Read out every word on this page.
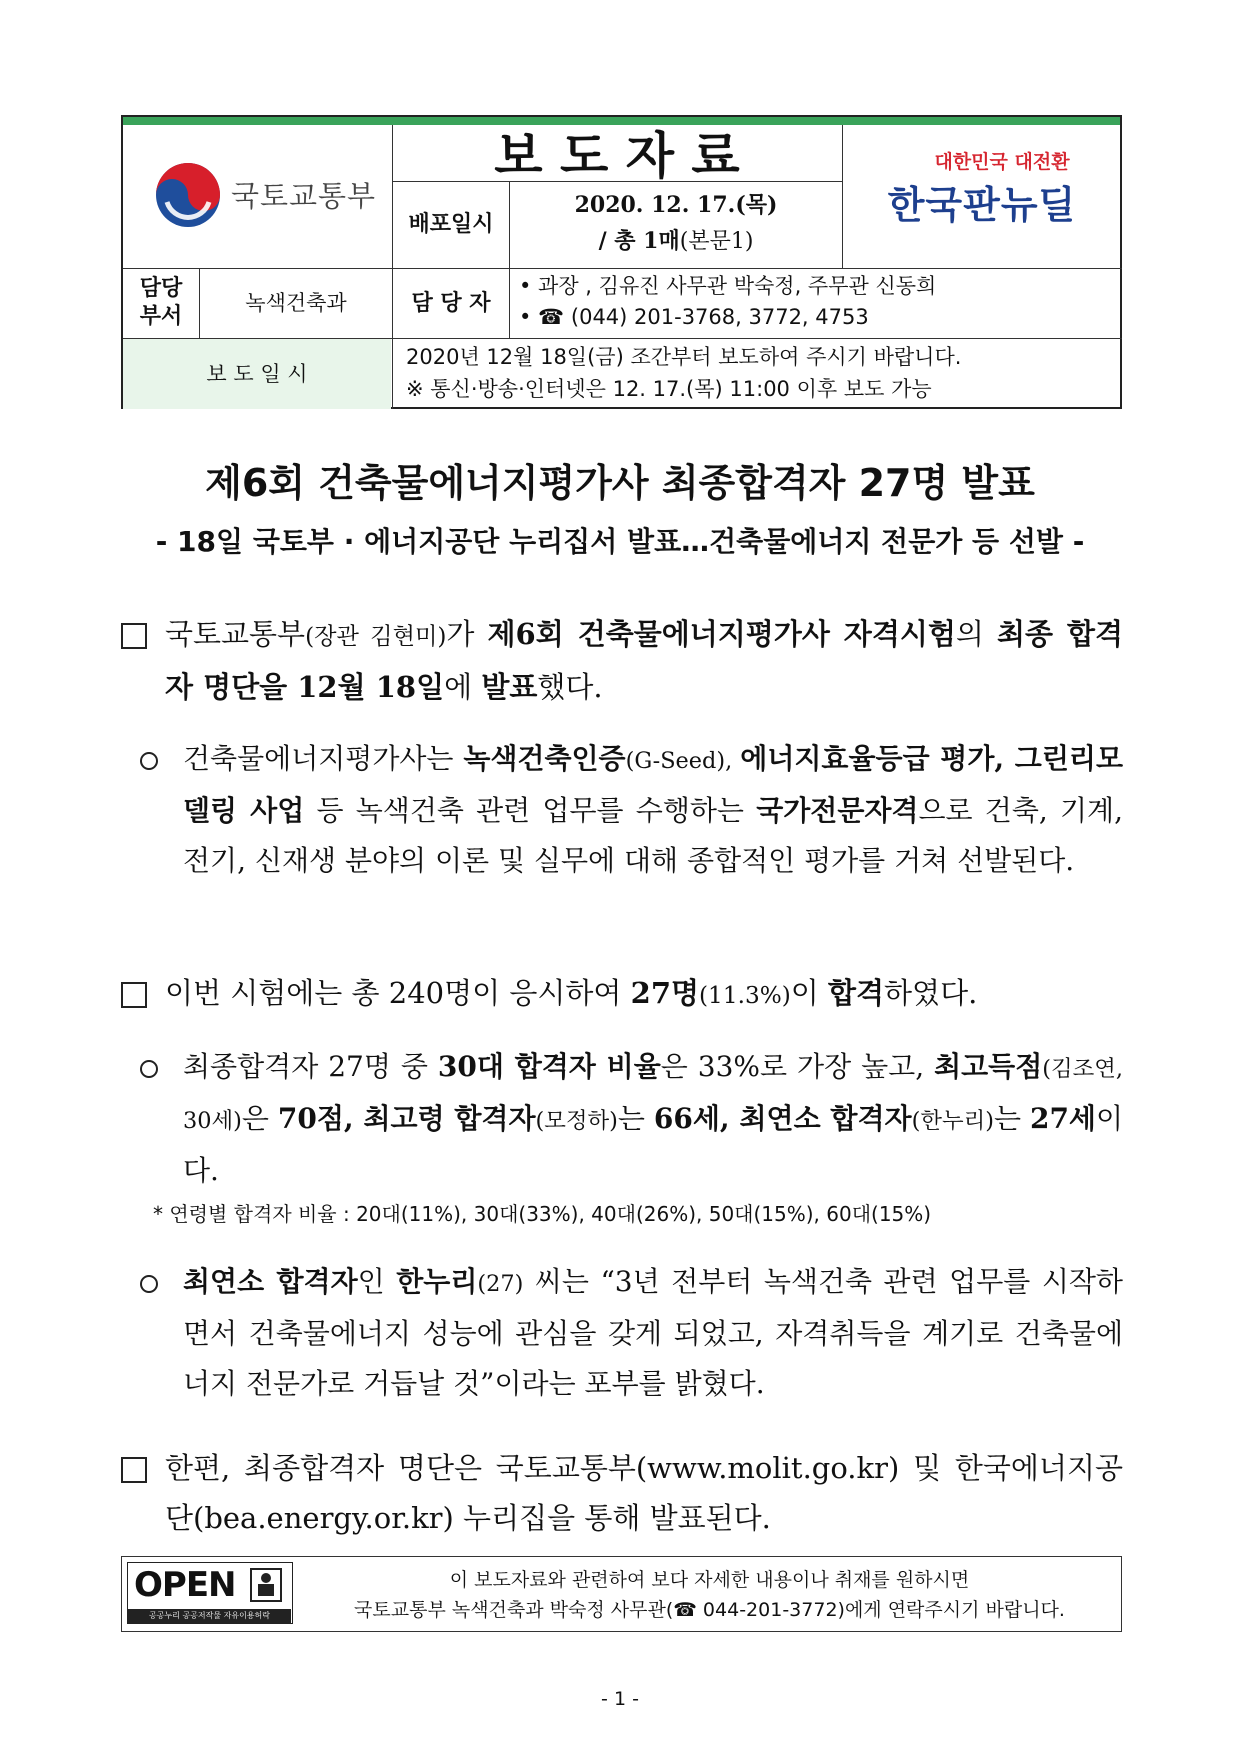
국토교통부
보 도 자 료
배포일시
2020. 12. 17.(목)
/ 총 1매(본문1)
대한민국 대전환
한국판뉴딜
담당
부서	녹색건축과	담 당 자
• 과장 , 김유진 사무관 박숙정, 주무관 신동희
• ☎ (044) 201-3768, 3772, 4753
보 도 일 시
2020년 12월 18일(금) 조간부터 보도하여 주시기 바랍니다.
※ 통신·방송·인터넷은 12. 17.(목) 11:00 이후 보도 가능
제6회 건축물에너지평가사 최종합격자 27명 발표
- 18일 국토부 · 에너지공단 누리집서 발표…건축물에너지 전문가 등 선발 -
국토교통부(장관 김현미)가 제6회 건축물에너지평가사 자격시험의 최종 합격자 명단을 12월 18일에 발표했다.
건축물에너지평가사는 녹색건축인증(G-Seed), 에너지효율등급 평가, 그린리모델링 사업 등 녹색건축 관련 업무를 수행하는 국가전문자격으로 건축, 기계, 전기, 신재생 분야의 이론 및 실무에 대해 종합적인 평가를 거쳐 선발된다.
이번 시험에는 총 240명이 응시하여 27명(11.3%)이 합격하였다.
최종합격자 27명 중 30대 합격자 비율은 33%로 가장 높고, 최고득점(김조연, 30세)은 70점, 최고령 합격자(모정하)는 66세, 최연소 합격자(한누리)는 27세이다.
* 연령별 합격자 비율 : 20대(11%), 30대(33%), 40대(26%), 50대(15%), 60대(15%)
최연소 합격자인 한누리(27) 씨는 “3년 전부터 녹색건축 관련 업무를 시작하면서 건축물에너지 성능에 관심을 갖게 되었고, 자격취득을 계기로 건축물에너지 전문가로 거듭날 것”이라는 포부를 밝혔다.
한편, 최종합격자 명단은 국토교통부(www.molit.go.kr) 및 한국에너지공단(bea.energy.or.kr) 누리집을 통해 발표된다.
OPEN
공공누리 공공저작물 자유이용허락
이 보도자료와 관련하여 보다 자세한 내용이나 취재를 원하시면
국토교통부 녹색건축과 박숙정 사무관(☎ 044-201-3772)에게 연락주시기 바랍니다.
- 1 -
